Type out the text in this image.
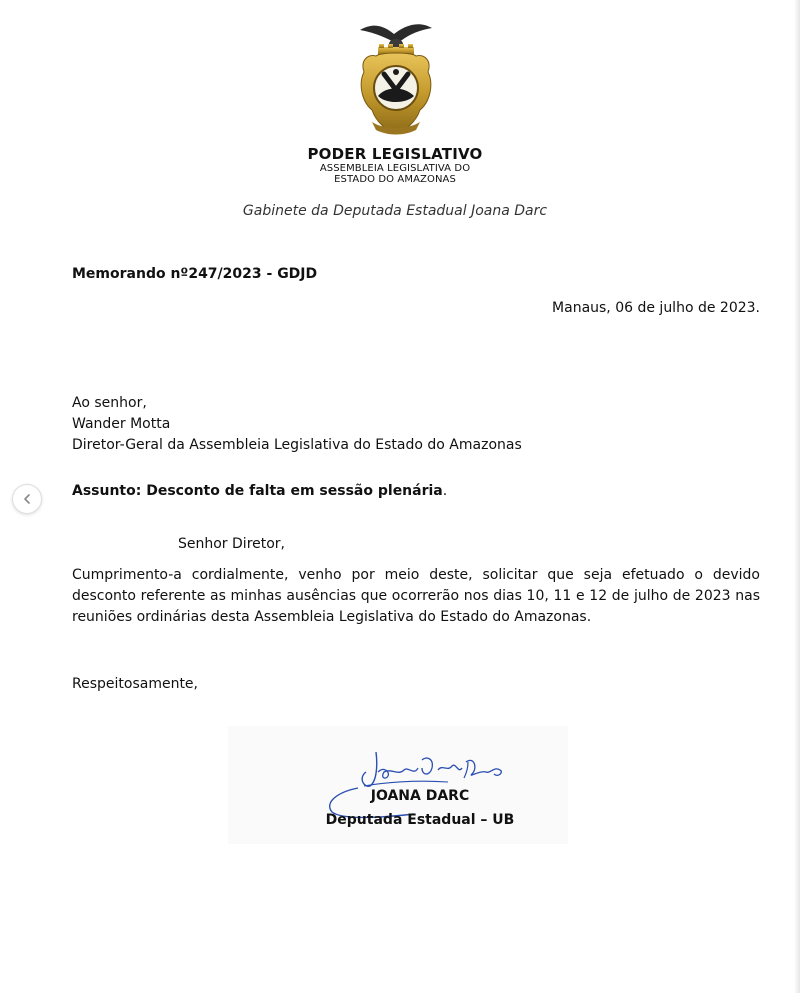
PODER LEGISLATIVO
ASSEMBLEIA LEGISLATIVA DO
ESTADO DO AMAZONAS
Gabinete da Deputada Estadual Joana Darc
Memorando nº247/2023 - GDJD
Manaus, 06 de julho de 2023.
Ao senhor,
Wander Motta
Diretor-Geral da Assembleia Legislativa do Estado do Amazonas
Assunto: Desconto de falta em sessão plenária.
Senhor Diretor,
Cumprimento-a cordialmente, venho por meio deste, solicitar que seja efetuado o devido desconto referente as minhas ausências que ocorrerão nos dias 10, 11 e 12 de julho de 2023 nas reuniões ordinárias desta Assembleia Legislativa do Estado do Amazonas.
Respeitosamente,
JOANA DARC
Deputada Estadual – UB
